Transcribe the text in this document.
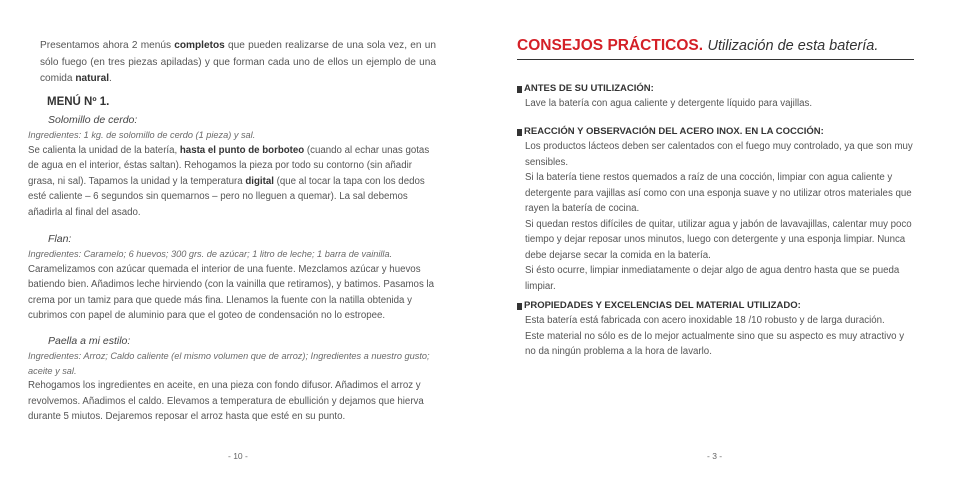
Presentamos ahora 2 menús completos que pueden realizarse de una sola vez, en un sólo fuego (en tres piezas apiladas) y que forman cada uno de ellos un ejemplo de una comida natural.

MENÚ Nº 1.
Solomillo de cerdo:
Ingredientes: 1 kg. de solomillo de cerdo (1 pieza) y sal.

Se calienta la unidad de la batería, hasta el punto de borboteo (cuando al echar unas gotas de agua en el interior, éstas saltan). Rehogamos la pieza por todo su contorno (sin añadir grasa, ni sal). Tapamos la unidad y la temperatura digital (que al tocar la tapa con los dedos esté caliente – 6 segundos sin quemarnos – pero no lleguen a quemar). La sal debemos añadirla al final del asado.

Flan:
Ingredientes: Caramelo; 6 huevos; 300 grs. de azúcar; 1 litro de leche; 1 barra de vainilla.

Caramelizamos con azúcar quemada el interior de una fuente. Mezclamos azúcar y huevos batiendo bien. Añadimos leche hirviendo (con la vainilla que retiramos), y batimos. Pasamos la crema por un tamiz para que quede más fina. Llenamos la fuente con la natilla obtenida y cubrimos con papel de aluminio para que el goteo de condensación no lo estropee.

Paella a mi estilo:
Ingredientes: Arroz; Caldo caliente (el mismo volumen que de arroz); Ingredientes a nuestro gusto; aceite y sal.

Rehogamos los ingredientes en aceite, en una pieza con fondo difusor. Añadimos el arroz y revolvemos. Añadimos el caldo. Elevamos a temperatura de ebullición y dejamos que hierva durante 5 miutos. Dejaremos reposar el arroz hasta que esté en su punto.

- 10 -
CONSEJOS PRÁCTICOS. Utilización de esta batería.
ANTES DE SU UTILIZACIÓN:

Lave la batería con agua caliente y detergente líquido para vajillas.

REACCIÓN Y OBSERVACIÓN DEL ACERO INOX. EN LA COCCIÓN:

Los productos lácteos deben ser calentados con el fuego muy controlado, ya que son muy sensibles.

Si la batería tiene restos quemados a raíz de una cocción, limpiar con agua caliente y detergente para vajillas así como con una esponja suave y no utilizar otros materiales que rayen la batería de cocina.

Si quedan restos difíciles de quitar, utilizar agua y jabón de lavavajillas, calentar muy poco tiempo y dejar reposar unos minutos, luego con detergente y una esponja limpiar. Nunca debe dejarse secar la comida en la batería.

Si ésto ocurre, limpiar inmediatamente o dejar algo de agua dentro hasta que se pueda limpiar.

PROPIEDADES Y EXCELENCIAS DEL MATERIAL UTILIZADO:

Esta batería está fabricada con acero inoxidable 18 /10 robusto y de larga duración.

Este material no sólo es de lo mejor actualmente sino que su aspecto es muy atractivo y no da ningún problema a la hora de lavarlo.

- 3 -
